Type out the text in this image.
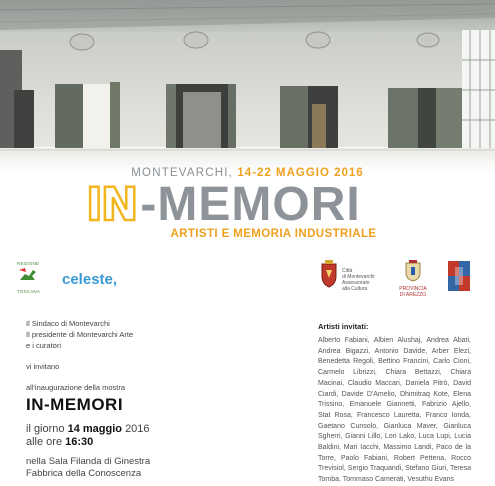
MONTEVARCHI, 14-22 MAGGIO 2016
IN -MEMORI
ARTISTI E MEMORIA INDUSTRIALE
REGIONE
TOSCANA
celeste,	Città
di Montevarchi
Assessorato
alla Cultura	PROVINCIA
DI AREZZO
Il Sindaco di Montevarchi
Il presidente di Montevarchi Arte
e i curatori
vi invitano
all'inaugurazione della mostra
IN-MEMORI
il giorno 14 maggio 2016
alle ore 16:30
nella Sala Filanda di Ginestra
Fabbrica della Conoscenza
Artisti invitati:
Alberto Fabiani, Albien Alushaj, Andrea Abati, Andrea Bigazzi, Antonio Davide, Arber Elezi, Benedetta Regoli, Bettino Francini, Carlo Cioni, Carmelo Librizzi, Chiara Bettazzi, Chiara Macinai, Claudio Maccari, Daniela Pitrò, David Ciardi, Davide D'Amelio, Dhimitraq Kote, Elena Trissino, Emanuele Giannetti, Fabrizio Ajello, Stat Rosa, Francesco Lauretta, Franco Ionda, Gaetano Cunsolo, Gianluca Maver, Gianluca Sgherri, Gianni Lillo, Lori Lako, Luca Lupi, Lucia Baldini, Mari Iacchi, Massimo Landi, Paco de la Torre, Paolo Fabiani, Robert Pettena, Rocco Trevisiol, Sergio Traquandi, Stefano Giuri, Teresa Tomba, Tommaso Camerati, Vesuthu Evans
